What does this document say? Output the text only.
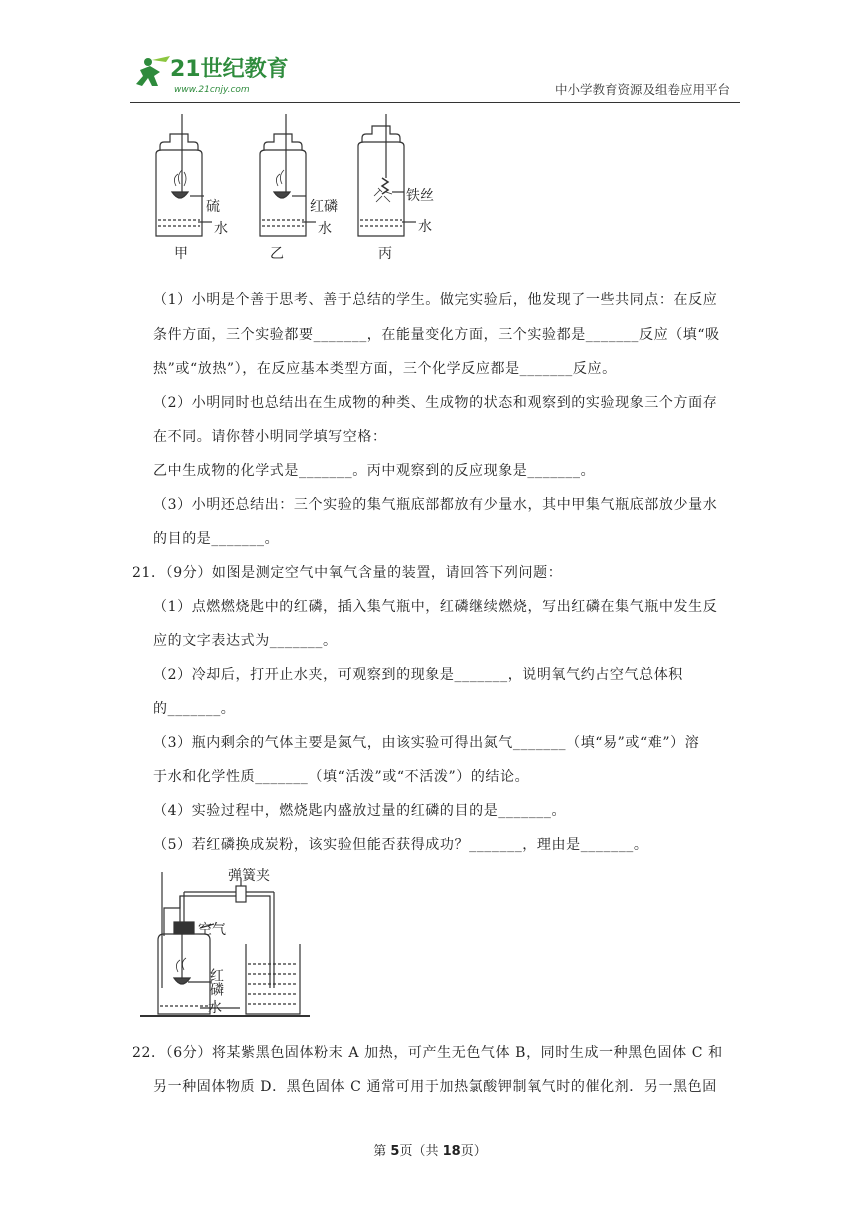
21世纪教育
www.21cnjy.com	中小学教育资源及组卷应用平台
硫
水
红磷
水
铁丝
水
甲	乙	丙
（1）小明是个善于思考、善于总结的学生。做完实验后，他发现了一些共同点：在反应
条件方面，三个实验都要_______，在能量变化方面，三个实验都是_______反应（填“吸
热”或“放热”），在反应基本类型方面，三个化学反应都是_______反应。
（2）小明同时也总结出在生成物的种类、生成物的状态和观察到的实验现象三个方面存
在不同。请你替小明同学填写空格：
乙中生成物的化学式是_______。丙中观察到的反应现象是_______。
（3）小明还总结出：三个实验的集气瓶底部都放有少量水，其中甲集气瓶底部放少量水
的目的是_______。
21．（9分）如图是测定空气中氧气含量的装置，请回答下列问题：
（1）点燃燃烧匙中的红磷，插入集气瓶中，红磷继续燃烧，写出红磷在集气瓶中发生反
应的文字表达式为_______。
（2）冷却后，打开止水夹，可观察到的现象是_______，说明氧气约占空气总体积
的_______。
（3）瓶内剩余的气体主要是氮气，由该实验可得出氮气_______（填“易”或“难”）溶
于水和化学性质_______（填“活泼”或“不活泼”）的结论。
（4）实验过程中，燃烧匙内盛放过量的红磷的目的是_______。
（5）若红磷换成炭粉，该实验但能否获得成功？_______，理由是_______。
弹簧夹
空气
红磷
水
22．（6分）将某紫黑色固体粉末 A 加热，可产生无色气体 B，同时生成一种黑色固体 C 和
另一种固体物质 D．黑色固体 C 通常可用于加热氯酸钾制氧气时的催化剂．另一黑色固
第 5页（共 18页）
